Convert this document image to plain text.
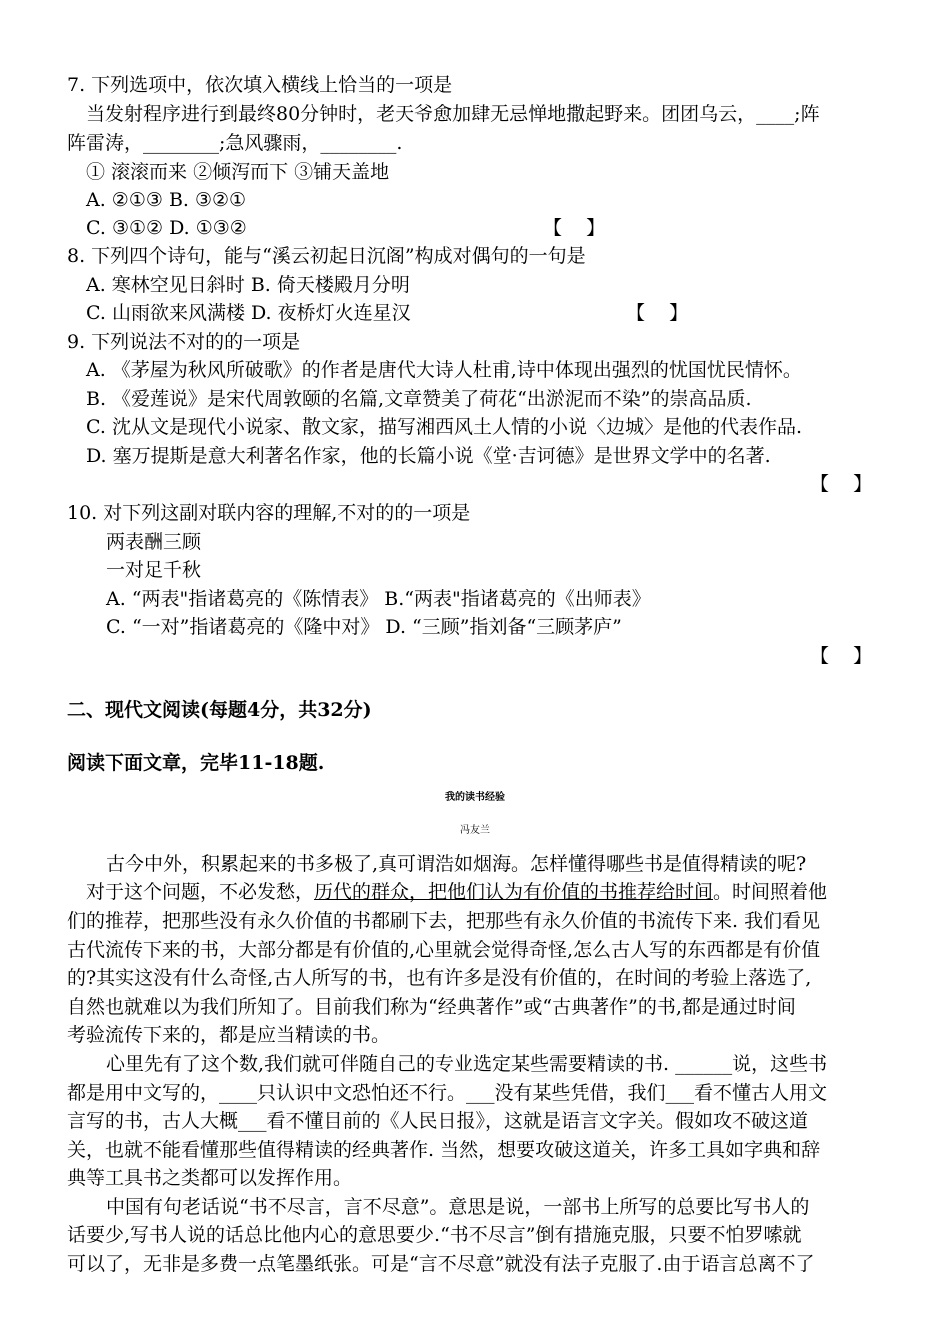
7. 下列选项中，依次填入横线上恰当的一项是
当发射程序进行到最终80分钟时，老天爷愈加肆无忌惮地撒起野来。团团乌云，____;阵
阵雷涛，________;急风骤雨，________.
① 滚滚而来 ②倾泻而下 ③铺天盖地
A. ②①③ B. ③②①
C. ③①② D. ①③②	【    】
8. 下列四个诗句，能与“溪云初起日沉阁”构成对偶句的一句是
A. 寒林空见日斜时 B. 倚天楼殿月分明
C. 山雨欲来风满楼 D. 夜桥灯火连星汉	【    】
9. 下列说法不对的的一项是
A. 《茅屋为秋风所破歌》的作者是唐代大诗人杜甫,诗中体现出强烈的忧国忧民情怀。
B. 《爱莲说》是宋代周敦颐的名篇,文章赞美了荷花“出淤泥而不染”的崇高品质.
C. 沈从文是现代小说家、散文家，描写湘西风土人情的小说〈边城〉是他的代表作品.
D. 塞万提斯是意大利著名作家，他的长篇小说《堂·吉诃德》是世界文学中的名著.
【    】
10. 对下列这副对联内容的理解,不对的的一项是
两表酬三顾
一对足千秋
A. “两表"指诸葛亮的《陈情表》 B.“两表"指诸葛亮的《出师表》
C. “一对”指诸葛亮的《隆中对》 D. “三顾”指刘备“三顾茅庐”
【    】
二、现代文阅读(每题4分，共32分)
阅读下面文章，完毕11-18题.
我的读书经验
冯友兰
古今中外，积累起来的书多极了,真可谓浩如烟海。怎样懂得哪些书是值得精读的呢?
对于这个问题，不必发愁，历代的群众，把他们认为有价值的书推荐给时间。时间照着他
们的推荐，把那些没有永久价值的书都刷下去，把那些有永久价值的书流传下来. 我们看见
古代流传下来的书，大部分都是有价值的,心里就会觉得奇怪,怎么古人写的东西都是有价值
的?其实这没有什么奇怪,古人所写的书，也有许多是没有价值的，在时间的考验上落选了,
自然也就难以为我们所知了。目前我们称为“经典著作”或“古典著作”的书,都是通过时间
考验流传下来的，都是应当精读的书。
心里先有了这个数,我们就可伴随自己的专业选定某些需要精读的书. ______说，这些书
都是用中文写的，____只认识中文恐怕还不行。___没有某些凭借，我们___看不懂古人用文
言写的书，古人大概___看不懂目前的《人民日报》，这就是语言文字关。假如攻不破这道
关，也就不能看懂那些值得精读的经典著作. 当然，想要攻破这道关，许多工具如字典和辞
典等工具书之类都可以发挥作用。
中国有句老话说“书不尽言，言不尽意”。意思是说，一部书上所写的总要比写书人的
话要少,写书人说的话总比他内心的意思要少.“书不尽言”倒有措施克服，只要不怕罗嗦就
可以了，无非是多费一点笔墨纸张。可是“言不尽意”就没有法子克服了.由于语言总离不了
